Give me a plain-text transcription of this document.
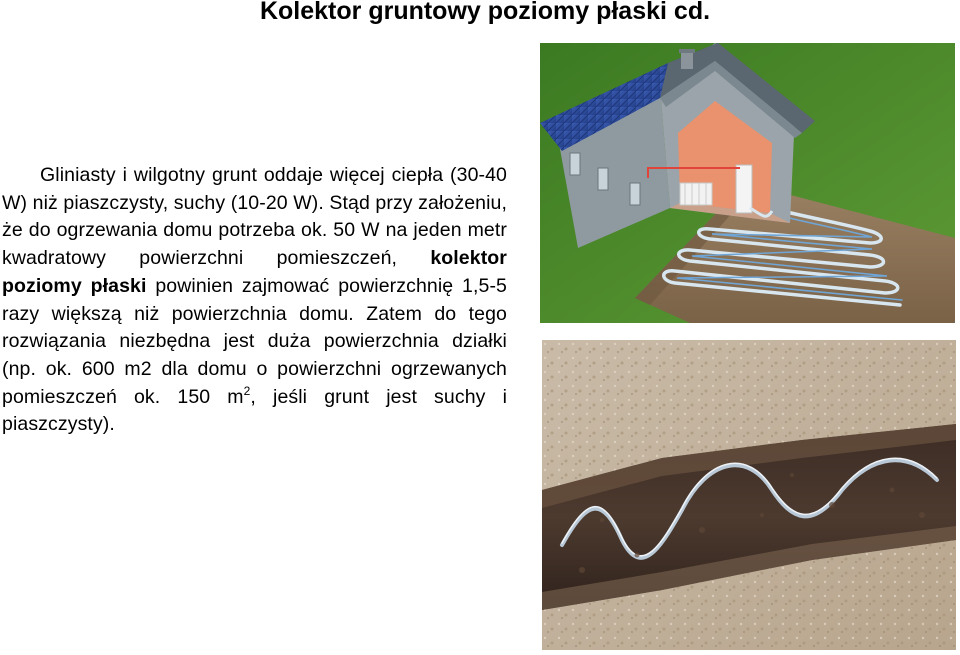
Kolektor gruntowy poziomy płaski cd.

Gliniasty i wilgotny grunt oddaje więcej ciepła (30-40 W) niż piaszczysty, suchy (10-20 W). Stąd przy założeniu, że do ogrzewania domu potrzeba ok. 50 W na jeden metr kwadratowy powierzchni pomieszczeń, kolektor poziomy płaski powinien zajmować powierzchnię 1,5-5 razy większą niż powierzchnia domu. Zatem do tego rozwiązania niezbędna jest duża powierzchnia działki (np. ok. 600 m2 dla domu o powierzchni ogrzewanych pomieszczeń ok. 150 $m^2$, jeśli grunt jest suchy i piaszczysty).
